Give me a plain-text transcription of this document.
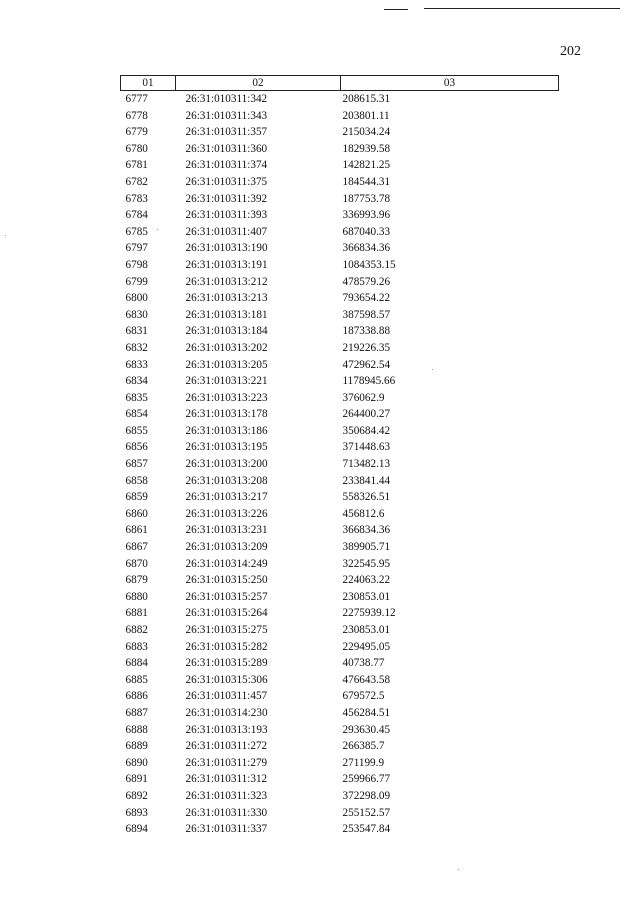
202
01	02	03
6777	26:31:010311:342	208615.31
6778	26:31:010311:343	203801.11
6779	26:31:010311:357	215034.24
6780	26:31:010311:360	182939.58
6781	26:31:010311:374	142821.25
6782	26:31:010311:375	184544.31
6783	26:31:010311:392	187753.78
6784	26:31:010311:393	336993.96
6785	26:31:010311:407	687040.33
6797	26:31:010313:190	366834.36
6798	26:31:010313:191	1084353.15
6799	26:31:010313:212	478579.26
6800	26:31:010313:213	793654.22
6830	26:31:010313:181	387598.57
6831	26:31:010313:184	187338.88
6832	26:31:010313:202	219226.35
6833	26:31:010313:205	472962.54
6834	26:31:010313:221	1178945.66
6835	26:31:010313:223	376062.9
6854	26:31:010313:178	264400.27
6855	26:31:010313:186	350684.42
6856	26:31:010313:195	371448.63
6857	26:31:010313:200	713482.13
6858	26:31:010313:208	233841.44
6859	26:31:010313:217	558326.51
6860	26:31:010313:226	456812.6
6861	26:31:010313:231	366834.36
6867	26:31:010313:209	389905.71
6870	26:31:010314:249	322545.95
6879	26:31:010315:250	224063.22
6880	26:31:010315:257	230853.01
6881	26:31:010315:264	2275939.12
6882	26:31:010315:275	230853.01
6883	26:31:010315:282	229495.05
6884	26:31:010315:289	40738.77
6885	26:31:010315:306	476643.58
6886	26:31:010311:457	679572.5
6887	26:31:010314:230	456284.51
6888	26:31:010313:193	293630.45
6889	26:31:010311:272	266385.7
6890	26:31:010311:279	271199.9
6891	26:31:010311:312	259966.77
6892	26:31:010311:323	372298.09
6893	26:31:010311:330	255152.57
6894	26:31:010311:337	253547.84
